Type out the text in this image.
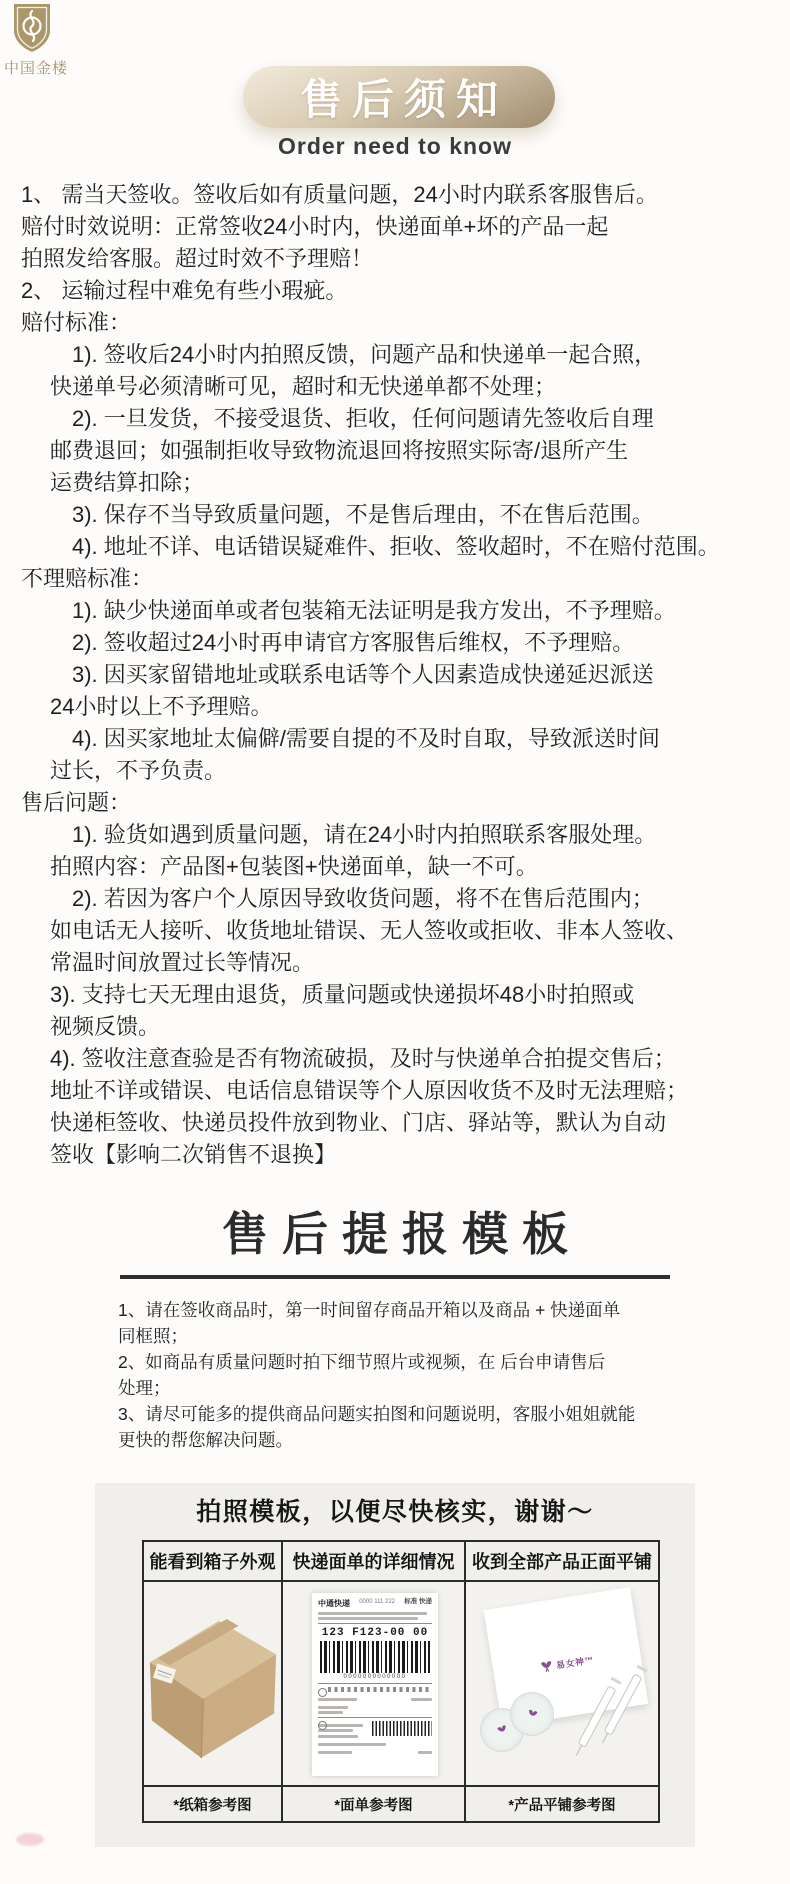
中国金楼
售后须知
Order need to know
1、 需当天签收。签收后如有质量问题，24小时内联系客服售后。
赔付时效说明：正常签收24小时内，快递面单+坏的产品一起
拍照发给客服。超过时效不予理赔！
2、 运输过程中难免有些小瑕疵。
赔付标准：
1). 签收后24小时内拍照反馈，问题产品和快递单一起合照，
快递单号必须清晰可见，超时和无快递单都不处理；
2). 一旦发货，不接受退货、拒收，任何问题请先签收后自理
邮费退回；如强制拒收导致物流退回将按照实际寄/退所产生
运费结算扣除；
3). 保存不当导致质量问题，不是售后理由，不在售后范围。
4). 地址不详、电话错误疑难件、拒收、签收超时，不在赔付范围。
不理赔标准：
1). 缺少快递面单或者包装箱无法证明是我方发出，不予理赔。
2). 签收超过24小时再申请官方客服售后维权，不予理赔。
3). 因买家留错地址或联系电话等个人因素造成快递延迟派送
24小时以上不予理赔。
4). 因买家地址太偏僻/需要自提的不及时自取，导致派送时间
过长，不予负责。
售后问题：
1). 验货如遇到质量问题，请在24小时内拍照联系客服处理。
拍照内容：产品图+包装图+快递面单，缺一不可。
2). 若因为客户个人原因导致收货问题，将不在售后范围内；
如电话无人接听、收货地址错误、无人签收或拒收、非本人签收、
常温时间放置过长等情况。
3). 支持七天无理由退货，质量问题或快递损坏48小时拍照或
视频反馈。
4). 签收注意查验是否有物流破损，及时与快递单合拍提交售后；
地址不详或错误、电话信息错误等个人原因收货不及时无法理赔；
快递柜签收、快递员投件放到物业、门店、驿站等，默认为自动
签收【影响二次销售不退换】
售后提报模板
1、请在签收商品时，第一时间留存商品开箱以及商品 + 快递面单
同框照；
2、如商品有质量问题时拍下细节照片或视频，在 后台申请售后
处理；
3、请尽可能多的提供商品问题实拍图和问题说明，客服小姐姐就能
更快的帮您解决问题。
拍照模板，以便尽快核实，谢谢～
能看到箱子外观 快递面单的详细情况 收到全部产品正面平铺
中通快递 0000 111 222 标准 快递
123 F123-00 00
0000000000000
易女神™
*纸箱参考图	*面单参考图	*产品平铺参考图
